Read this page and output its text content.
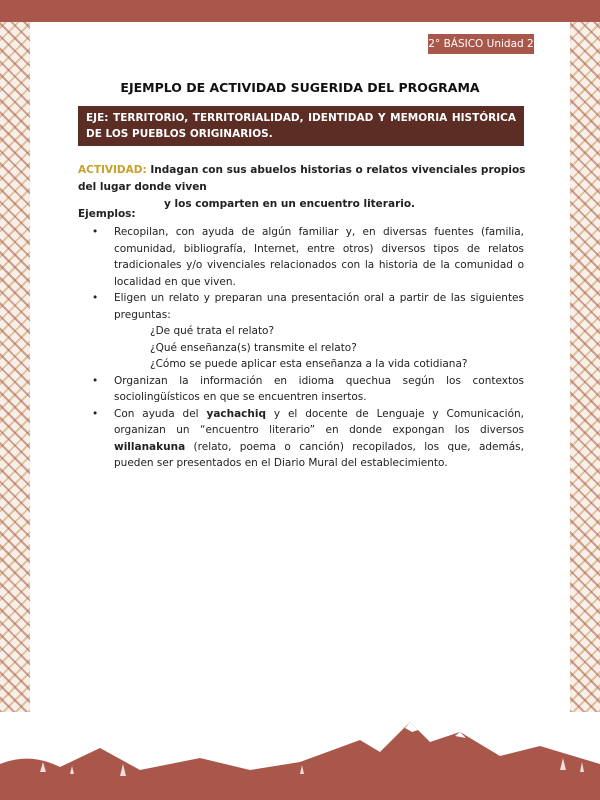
2° BÁSICO Unidad 2
EJEMPLO DE ACTIVIDAD SUGERIDA DEL PROGRAMA
EJE: TERRITORIO, TERRITORIALIDAD, IDENTIDAD Y MEMORIA HISTÓRICA DE LOS PUEBLOS ORIGINARIOS.
ACTIVIDAD: Indagan con sus abuelos historias o relatos vivenciales propios del lugar donde viven
y los comparten en un encuentro literario.
Ejemplos:
• Recopilan, con ayuda de algún familiar y, en diversas fuentes (familia, comunidad, bibliografía, Internet, entre otros) diversos tipos de relatos tradicionales y/o vivenciales relacionados con la historia de la comunidad o localidad en que viven.
• Eligen un relato y preparan una presentación oral a partir de las siguientes preguntas:
¿De qué trata el relato?
¿Qué enseñanza(s) transmite el relato?
¿Cómo se puede aplicar esta enseñanza a la vida cotidiana?
• Organizan la información en idioma quechua según los contextos sociolingüísticos en que se encuentren insertos.
• Con ayuda del yachachiq y el docente de Lenguaje y Comunicación, organizan un “encuentro literario” en donde expongan los diversos willanakuna (relato, poema o canción) recopilados, los que, además, pueden ser presentados en el Diario Mural del establecimiento.
